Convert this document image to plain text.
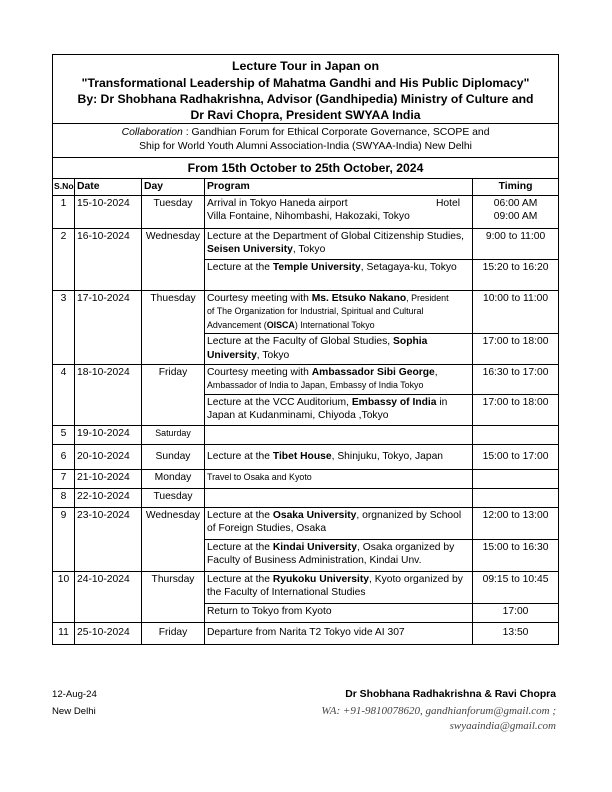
Lecture Tour in Japan on				
"Transformational Leadership of Mahatma Gandhi and His Public Diplomacy"				
By: Dr Shobhana Radhakrishna, Advisor (Gandhipedia) Ministry of Culture and				
Dr Ravi Chopra, President SWYAA India				
Collaboration : Gandhian Forum for Ethical Corporate Governance, SCOPE and
Ship for World Youth Alumni Association-India (SWYAA-India) New Delhi				
From 15th October to 25th October, 2024				
S.No	Date	Day	Program	Timing
1	15-10-2024	Tuesday	Arrival in Tokyo Haneda airport Hotel
Villa Fontaine, Nihombashi, Hakozaki, Tokyo	06:00 AM
09:00 AM
2	16-10-2024	Wednesday	Lecture at the Department of Global Citizenship Studies, Seisen University, Tokyo	9:00 to 11:00
			Lecture at the Temple University, Setagaya-ku, Tokyo	15:20 to 16:20
3	17-10-2024	Thuesday	Courtesy meeting with Ms. Etsuko Nakano, President
of The Organization for Industrial, Spiritual and Cultural Advancement (OISCA) International Tokyo	10:00 to 11:00
			Lecture at the Faculty of Global Studies, Sophia University, Tokyo	17:00 to 18:00
4	18-10-2024	Friday	Courtesy meeting with Ambassador Sibi George,
Ambassador of India to Japan, Embassy of India Tokyo	16:30 to 17:00
			Lecture at the VCC Auditorium, Embassy of India in Japan at Kudanminami, Chiyoda ,Tokyo	17:00 to 18:00
5	19-10-2024	Saturday		
6	20-10-2024	Sunday	Lecture at the Tibet House, Shinjuku, Tokyo, Japan	15:00 to 17:00
7	21-10-2024	Monday	Travel to Osaka and Kyoto	
8	22-10-2024	Tuesday		
9	23-10-2024	Wednesday	Lecture at the Osaka University, orgnanized by School of Foreign Studies, Osaka	12:00 to 13:00
			Lecture at the Kindai University, Osaka organized by Faculty of Business Administration, Kindai Unv.	15:00 to 16:30
10	24-10-2024	Thursday	Lecture at the Ryukoku University, Kyoto organized by the Faculty of International Studies	09:15 to 10:45
			Return to Tokyo from Kyoto	17:00
11	25-10-2024	Friday	Departure from Narita T2 Tokyo vide AI 307	13:50
12-Aug-24
New Delhi
Dr Shobhana Radhakrishna & Ravi Chopra
WA: +91-9810078620, gandhianforum@gmail.com ;
swyaaindia@gmail.com
